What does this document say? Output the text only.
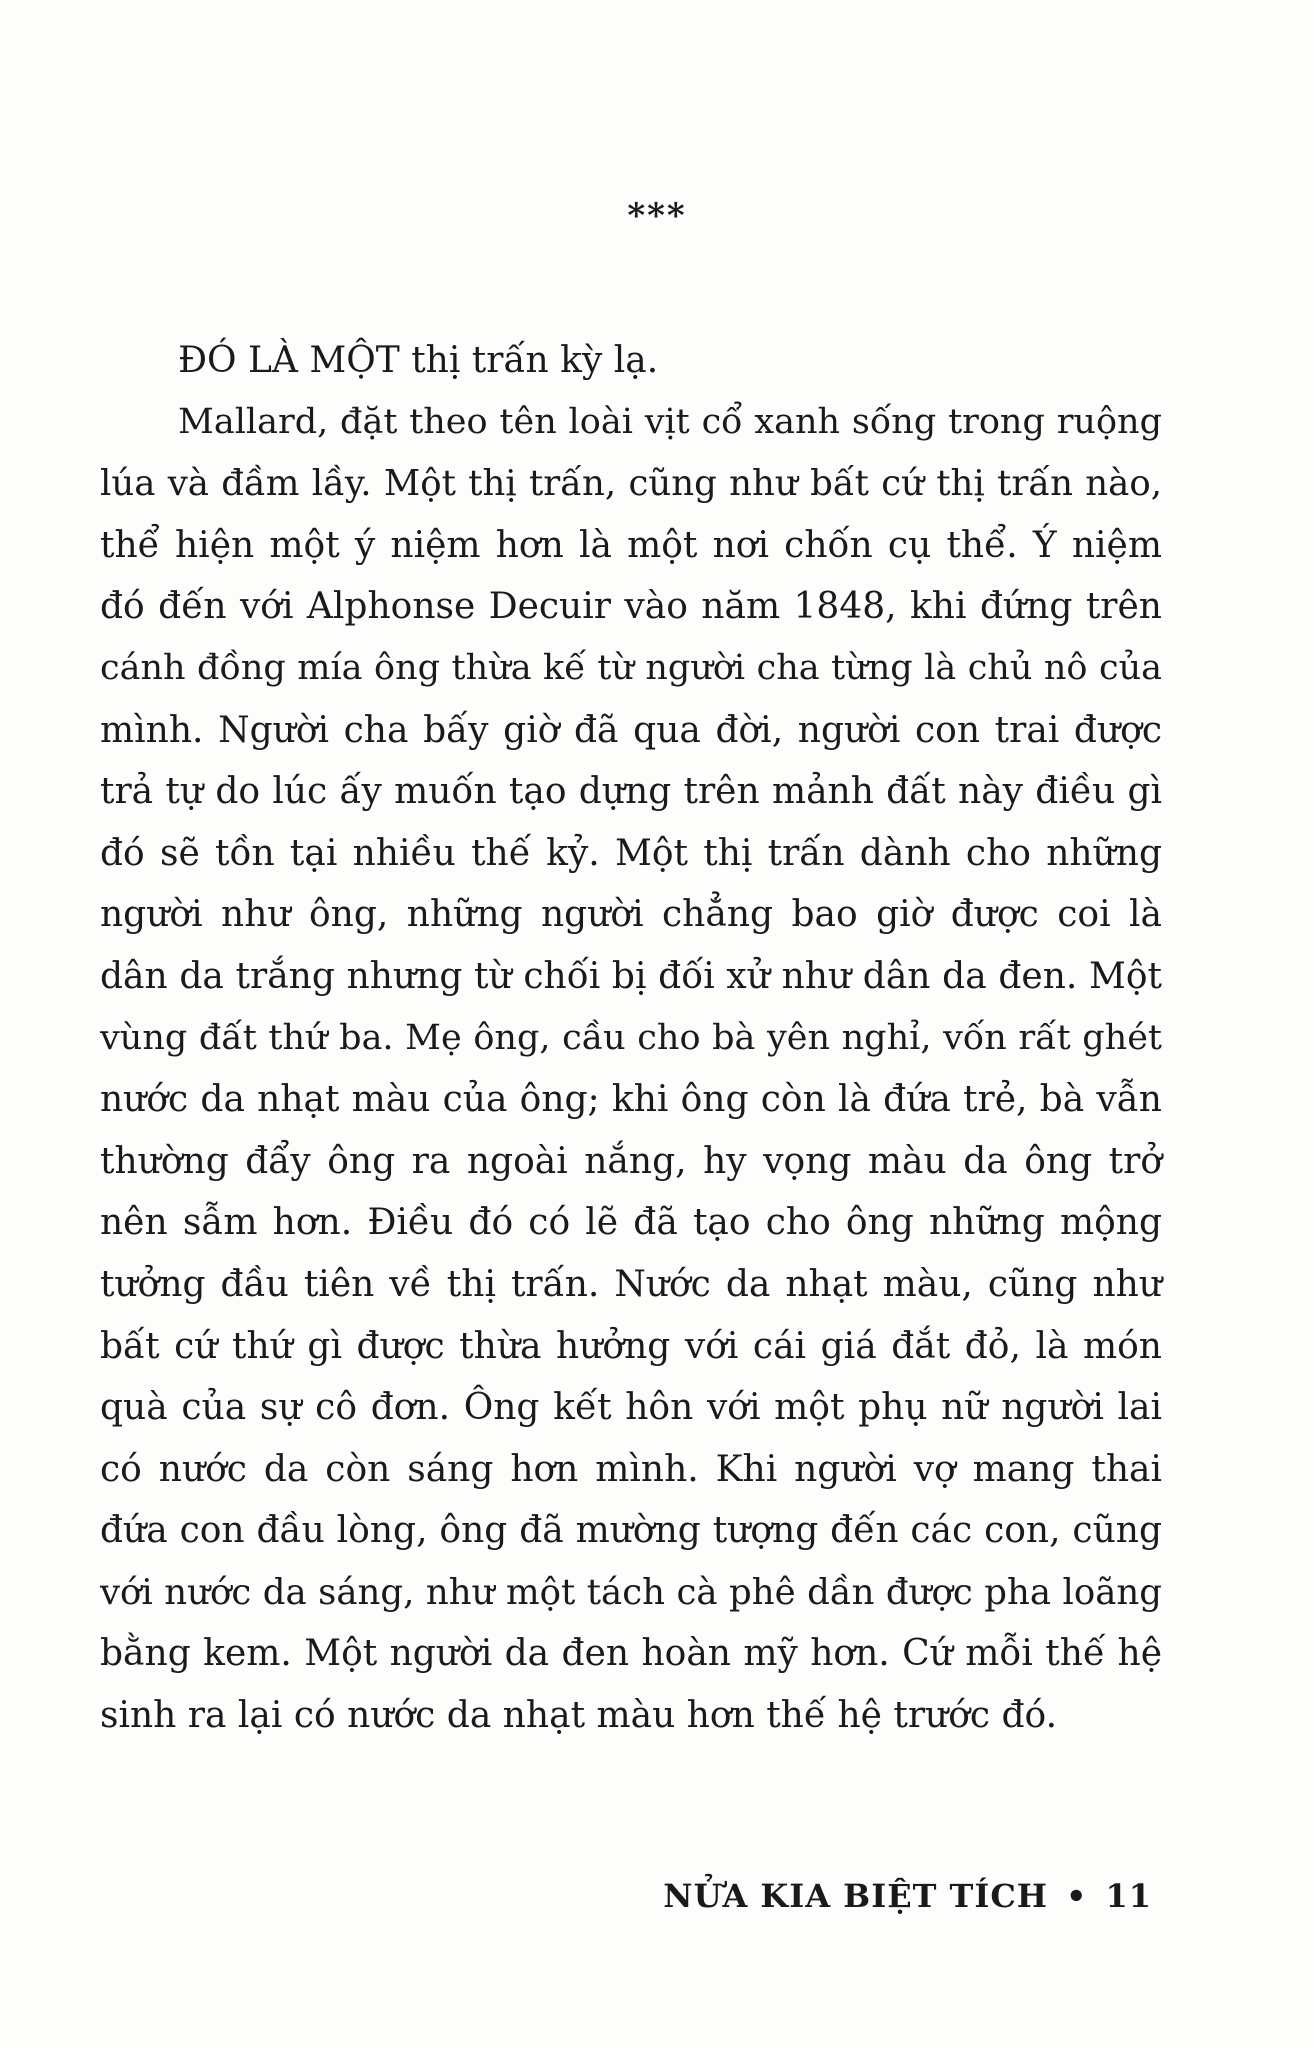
***
ĐÓ LÀ MỘT thị trấn kỳ lạ.
Mallard, đặt theo tên loài vịt cổ xanh sống trong ruộng
lúa và đầm lầy. Một thị trấn, cũng như bất cứ thị trấn nào,
thể hiện một ý niệm hơn là một nơi chốn cụ thể. Ý niệm
đó đến với Alphonse Decuir vào năm 1848, khi đứng trên
cánh đồng mía ông thừa kế từ người cha từng là chủ nô của
mình. Người cha bấy giờ đã qua đời, người con trai được
trả tự do lúc ấy muốn tạo dựng trên mảnh đất này điều gì
đó sẽ tồn tại nhiều thế kỷ. Một thị trấn dành cho những
người như ông, những người chẳng bao giờ được coi là
dân da trắng nhưng từ chối bị đối xử như dân da đen. Một
vùng đất thứ ba. Mẹ ông, cầu cho bà yên nghỉ, vốn rất ghét
nước da nhạt màu của ông; khi ông còn là đứa trẻ, bà vẫn
thường đẩy ông ra ngoài nắng, hy vọng màu da ông trở
nên sẫm hơn. Điều đó có lẽ đã tạo cho ông những mộng
tưởng đầu tiên về thị trấn. Nước da nhạt màu, cũng như
bất cứ thứ gì được thừa hưởng với cái giá đắt đỏ, là món
quà của sự cô đơn. Ông kết hôn với một phụ nữ người lai
có nước da còn sáng hơn mình. Khi người vợ mang thai
đứa con đầu lòng, ông đã mường tượng đến các con, cũng
với nước da sáng, như một tách cà phê dần được pha loãng
bằng kem. Một người da đen hoàn mỹ hơn. Cứ mỗi thế hệ
sinh ra lại có nước da nhạt màu hơn thế hệ trước đó.
NỬA KIA BIỆT TÍCH • 11
